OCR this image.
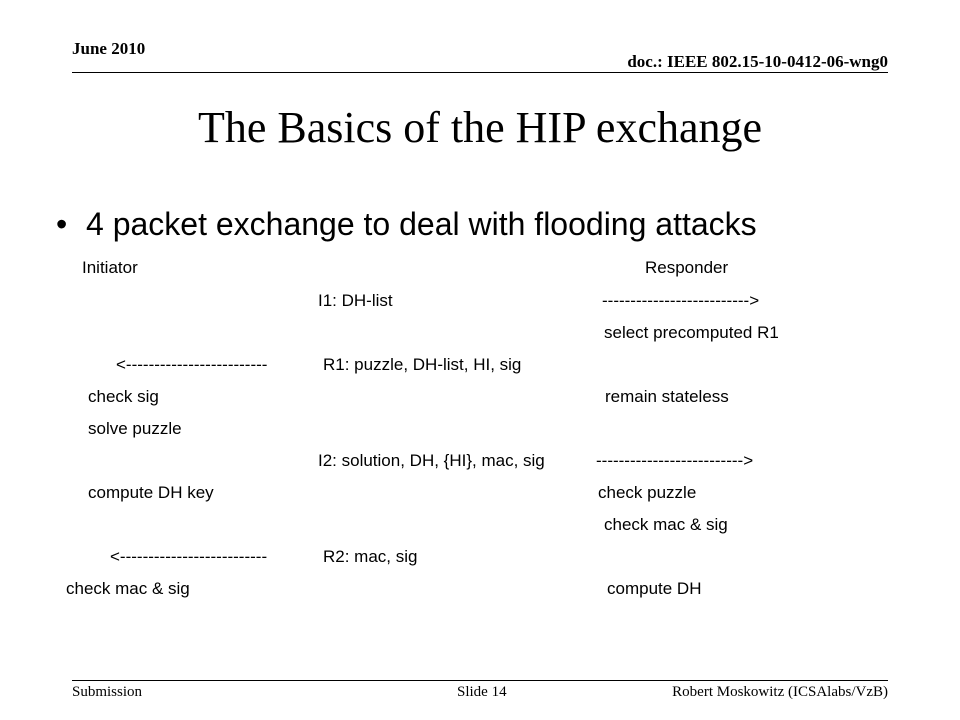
June 2010
doc.: IEEE 802.15-10-0412-06-wng0
The Basics of the HIP exchange
• 4 packet exchange to deal with flooding attacks
Initiator	Responder
I1: DH-list	-------------------------->
select precomputed R1
<-------------------------	R1: puzzle, DH-list, HI, sig
check sig	remain stateless
solve puzzle
I2: solution, DH, {HI}, mac, sig	-------------------------->
compute DH key	check puzzle
check mac & sig
<--------------------------	R2: mac, sig
check mac & sig	compute DH
Submission	Slide 14	Robert Moskowitz (ICSAlabs/VzB)
